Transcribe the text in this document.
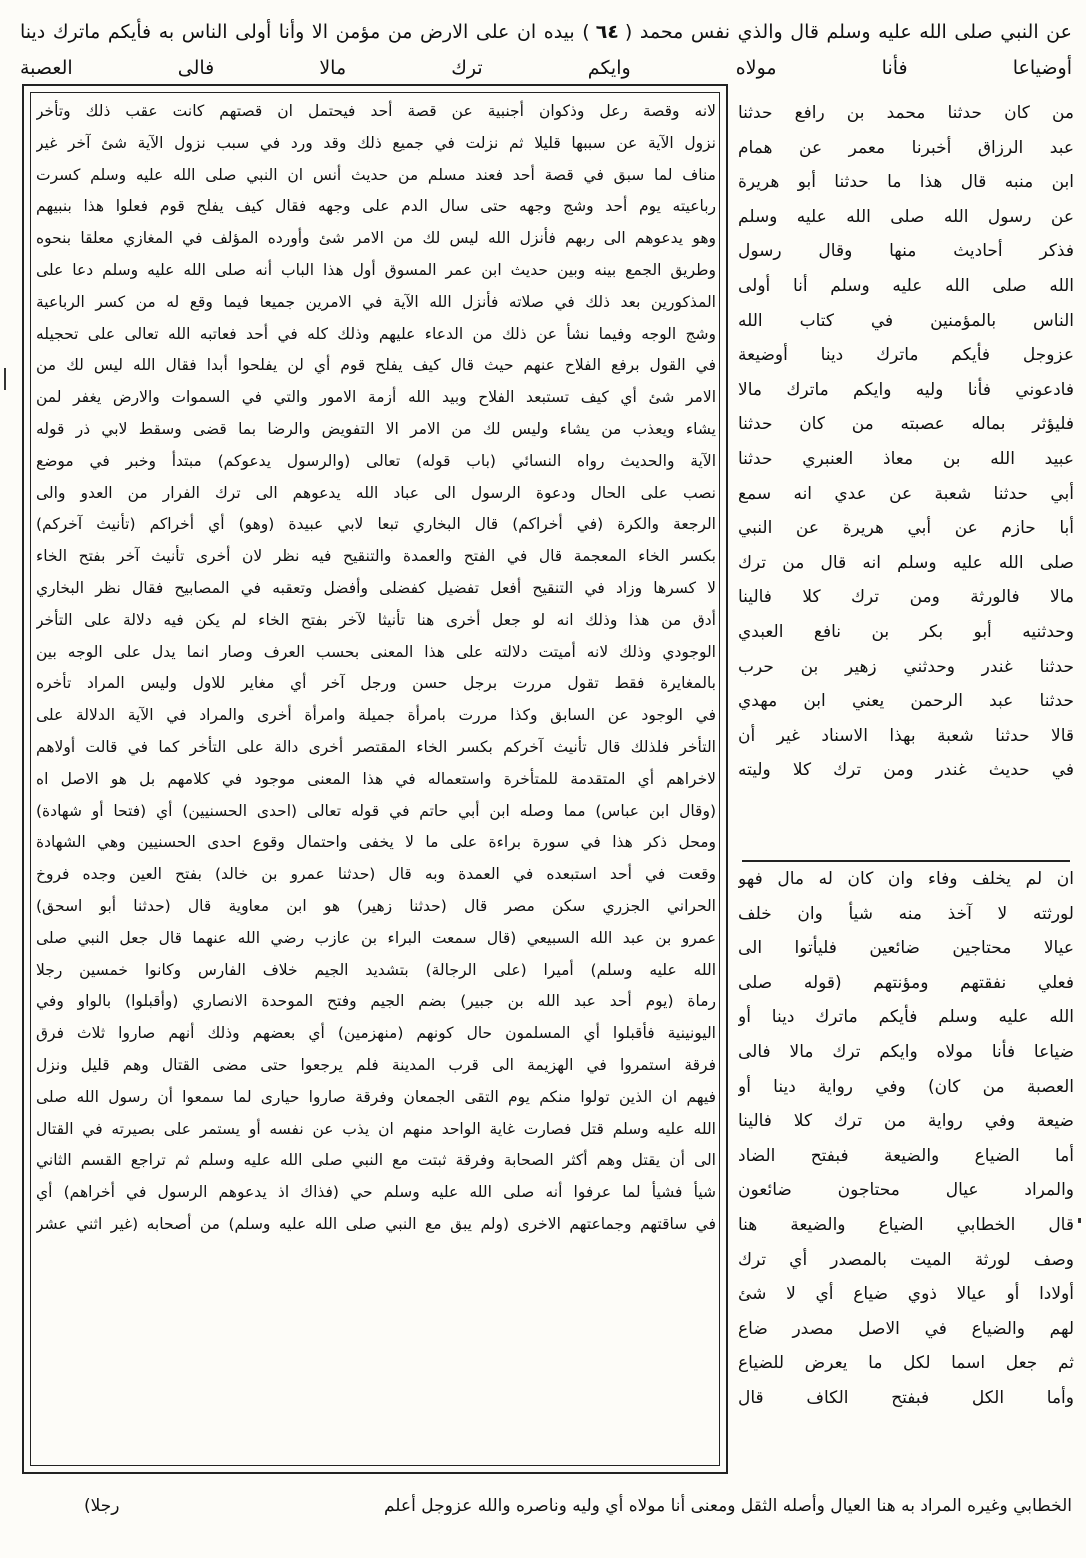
عن النبي صلى الله عليه وسلم قال والذي نفس محمد (٦٤) بيده ان على الارض من مؤمن الا وأنا أولى الناس به فأيكم ماترك دينا أوضياعا فأنا مولاه وايكم ترك مالا فالى العصبة
لانه وقصة رعل وذكوان أجنبية عن قصة أحد فيحتمل ان قصتهم كانت عقب ذلك وتأخر
نزول الآية عن سببها قليلا ثم نزلت في جميع ذلك وقد ورد في سبب نزول الآية شئ آخر غير
مناف لما سبق في قصة أحد فعند مسلم من حديث أنس ان النبي صلى الله عليه وسلم كسرت
رباعيته يوم أحد وشج وجهه حتى سال الدم على وجهه فقال كيف يفلح قوم فعلوا هذا بنبيهم
وهو يدعوهم الى ربهم فأنزل الله ليس لك من الامر شئ وأورده المؤلف في المغازي معلقا بنحوه
وطريق الجمع بينه وبين حديث ابن عمر المسوق أول هذا الباب أنه صلى الله عليه وسلم دعا على
المذكورين بعد ذلك في صلاته فأنزل الله الآية في الامرين جميعا فيما وقع له من كسر الرباعية
وشج الوجه وفيما نشأ عن ذلك من الدعاء عليهم وذلك كله في أحد فعاتبه الله تعالى على تحجيله
في القول برفع الفلاح عنهم حيث قال كيف يفلح قوم أي لن يفلحوا أبدا فقال الله ليس لك من
الامر شئ أي كيف تستبعد الفلاح وبيد الله أزمة الامور والتي في السموات والارض يغفر لمن
يشاء ويعذب من يشاء وليس لك من الامر الا التفويض والرضا بما قضى وسقط لابي ذر قوله
الآية والحديث رواه النسائي (باب قوله) تعالى (والرسول يدعوكم) مبتدأ وخبر في موضع
نصب على الحال ودعوة الرسول الى عباد الله يدعوهم الى ترك الفرار من العدو والى
الرجعة والكرة (في أخراكم) قال البخاري تبعا لابي عبيدة (وهو) أي أخراكم (تأنيث آخركم)
بكسر الخاء المعجمة قال في الفتح والعمدة والتنقيح فيه نظر لان أخرى تأنيث آخر بفتح الخاء
لا كسرها وزاد في التنقيح أفعل تفضيل كفضلى وأفضل وتعقبه في المصابيح فقال نظر البخاري
أدق من هذا وذلك انه لو جعل أخرى هنا تأنيثا لآخر بفتح الخاء لم يكن فيه دلالة على التأخر
الوجودي وذلك لانه أميتت دلالته على هذا المعنى بحسب العرف وصار انما يدل على الوجه بين
بالمغايرة فقط تقول مررت برجل حسن ورجل آخر أي مغاير للاول وليس المراد تأخره
في الوجود عن السابق وكذا مررت بامرأة جميلة وامرأة أخرى والمراد في الآية الدلالة على
التأخر فلذلك قال تأنيث آخركم بكسر الخاء المقتصر أخرى دالة على التأخر كما في قالت أولاهم
لاخراهم أي المتقدمة للمتأخرة واستعماله في هذا المعنى موجود في كلامهم بل هو الاصل اه
(وقال ابن عباس) مما وصله ابن أبي حاتم في قوله تعالى (احدى الحسنيين) أي (فتحا أو شهادة)
ومحل ذكر هذا في سورة براءة على ما لا يخفى واحتمال وقوع احدى الحسنيين وهي الشهادة
وقعت في أحد استبعده في العمدة وبه قال (حدثنا عمرو بن خالد) بفتح العين وجده فروخ
الحراني الجزري سكن مصر قال (حدثنا زهير) هو ابن معاوية قال (حدثنا أبو اسحق)
عمرو بن عبد الله السبيعي (قال سمعت البراء بن عازب رضي الله عنهما قال جعل النبي صلى
الله عليه وسلم) أميرا (على الرجالة) بتشديد الجيم خلاف الفارس وكانوا خمسين رجلا
رماة (يوم أحد عبد الله بن جبير) بضم الجيم وفتح الموحدة الانصاري (وأقبلوا) بالواو وفي
اليونينية فأقبلوا أي المسلمون حال كونهم (منهزمين) أي بعضهم وذلك أنهم صاروا ثلاث فرق
فرقة استمروا في الهزيمة الى قرب المدينة فلم يرجعوا حتى مضى القتال وهم قليل ونزل
فيهم ان الذين تولوا منكم يوم التقى الجمعان وفرقة صاروا حيارى لما سمعوا أن رسول الله صلى
الله عليه وسلم قتل فصارت غاية الواحد منهم ان يذب عن نفسه أو يستمر على بصيرته في القتال
الى أن يقتل وهم أكثر الصحابة وفرقة ثبتت مع النبي صلى الله عليه وسلم ثم تراجع القسم الثاني
شيأ فشيأ لما عرفوا أنه صلى الله عليه وسلم حي (فذاك اذ يدعوهم الرسول في أخراهم) أي
في ساقتهم وجماعتهم الاخرى (ولم يبق مع النبي صلى الله عليه وسلم) من أصحابه (غير اثني عشر
من كان حدثنا محمد بن رافع حدثنا
عبد الرزاق أخبرنا معمر عن همام
ابن منبه قال هذا ما حدثنا أبو هريرة
عن رسول الله صلى الله عليه وسلم
فذكر أحاديث منها وقال رسول
الله صلى الله عليه وسلم أنا أولى
الناس بالمؤمنين في كتاب الله
عزوجل فأيكم ماترك دينا أوضيعة
فادعوني فأنا وليه وايكم ماترك مالا
فليؤثر بماله عصبته من كان حدثنا
عبيد الله بن معاذ العنبري حدثنا
أبي حدثنا شعبة عن عدي انه سمع
أبا حازم عن أبي هريرة عن النبي
صلى الله عليه وسلم انه قال من ترك
مالا فالورثة ومن ترك كلا فالينا
وحدثنيه أبو بكر بن نافع العبدي
حدثنا غندر وحدثني زهير بن حرب
حدثنا عبد الرحمن يعني ابن مهدي
قالا حدثنا شعبة بهذا الاسناد غير أن
في حديث غندر ومن ترك كلا وليته
ان لم يخلف وفاء وان كان له مال فهو
لورثته لا آخذ منه شيأ وان خلف
عيالا محتاجين ضائعين فليأتوا الى
فعلي نفقتهم ومؤنتهم (قوله صلى
الله عليه وسلم فأيكم ماترك دينا أو
ضياعا فأنا مولاه وايكم ترك مالا فالى
العصبة من كان) وفي رواية دينا أو
ضيعة وفي رواية من ترك كلا فالينا
أما الضياع والضيعة فبفتح الضاد
والمراد عيال محتاجون ضائعون
قال الخطابي الضياع والضيعة هنا
وصف لورثة الميت بالمصدر أي ترك
أولادا أو عيالا ذوي ضياع أي لا شئ
لهم والضياع في الاصل مصدر ضاع
ثم جعل اسما لكل ما يعرض للضياع
وأما الكل فبفتح الكاف قال
الخطابي وغيره المراد به هنا العيال وأصله الثقل ومعنى أنا مولاه أي وليه وناصره والله عزوجل أعلم
رجلا)
